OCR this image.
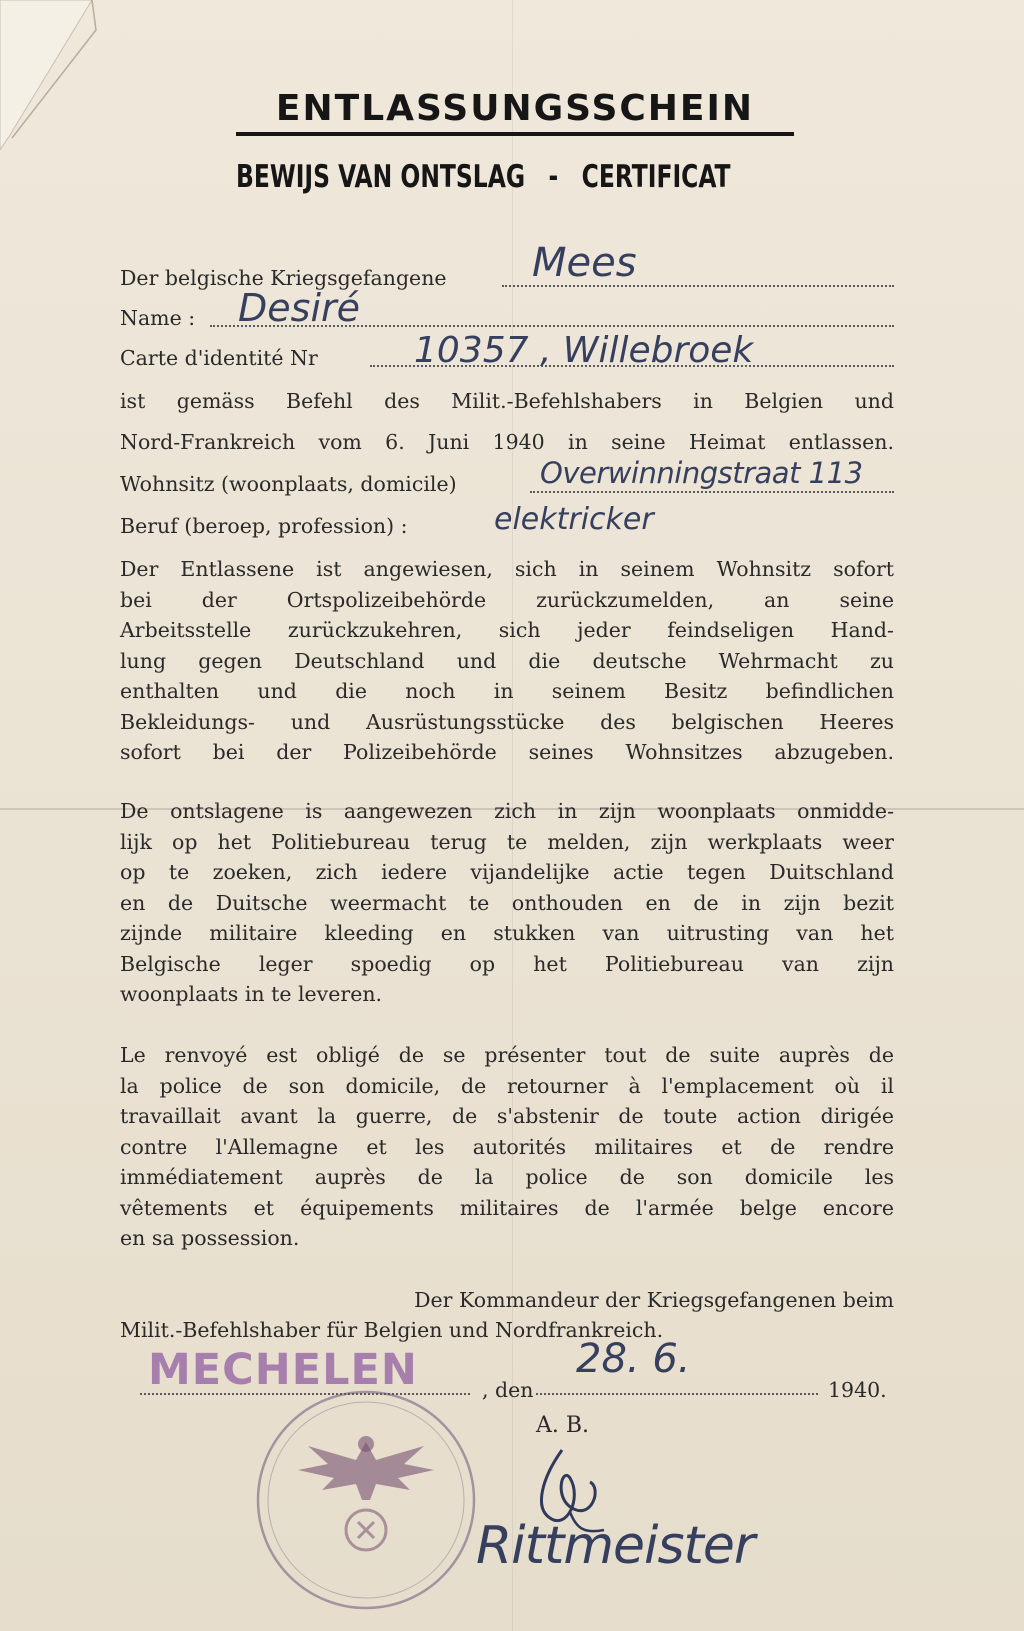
ENTLASSUNGSSCHEIN
BEWIJS VAN ONTSLAG - CERTIFICAT
Der belgische Kriegsgefangene Mees
Name : Desiré
Carte d'identité Nr	10357 , Willebroek
ist gemäss Befehl des Milit.-Befehlshabers in Belgien und
Nord-Frankreich vom 6. Juni 1940 in seine Heimat entlassen.
Wohnsitz (woonplaats, domicile)	Overwinningstraat 113
Beruf (beroep, profession) :	elektricker
Der Entlassene ist angewiesen, sich in seinem Wohnsitz sofort
bei der Ortspolizeibehörde zurückzumelden, an seine
Arbeitsstelle zurückzukehren, sich jeder feindseligen Hand-
lung gegen Deutschland und die deutsche Wehrmacht zu
enthalten und die noch in seinem Besitz befindlichen
Bekleidungs- und Ausrüstungsstücke des belgischen Heeres
sofort bei der Polizeibehörde seines Wohnsitzes abzugeben.
De ontslagene is aangewezen zich in zijn woonplaats onmidde-
lijk op het Politiebureau terug te melden, zijn werkplaats weer
op te zoeken, zich iedere vijandelijke actie tegen Duitschland
en de Duitsche weermacht te onthouden en de in zijn bezit
zijnde militaire kleeding en stukken van uitrusting van het
Belgische leger spoedig op het Politiebureau van zijn
woonplaats in te leveren.
Le renvoyé est obligé de se présenter tout de suite auprès de
la police de son domicile, de retourner à l'emplacement où il
travaillait avant la guerre, de s'abstenir de toute action dirigée
contre l'Allemagne et les autorités militaires et de rendre
immédiatement auprès de la police de son domicile les
vêtements et équipements militaires de l'armée belge encore
en sa possession.
Der Kommandeur der Kriegsgefangenen beim
Milit.-Befehlshaber für Belgien und Nordfrankreich.
, den	1940.
MECHELEN	28. 6.
A. B.
Rittmeister
